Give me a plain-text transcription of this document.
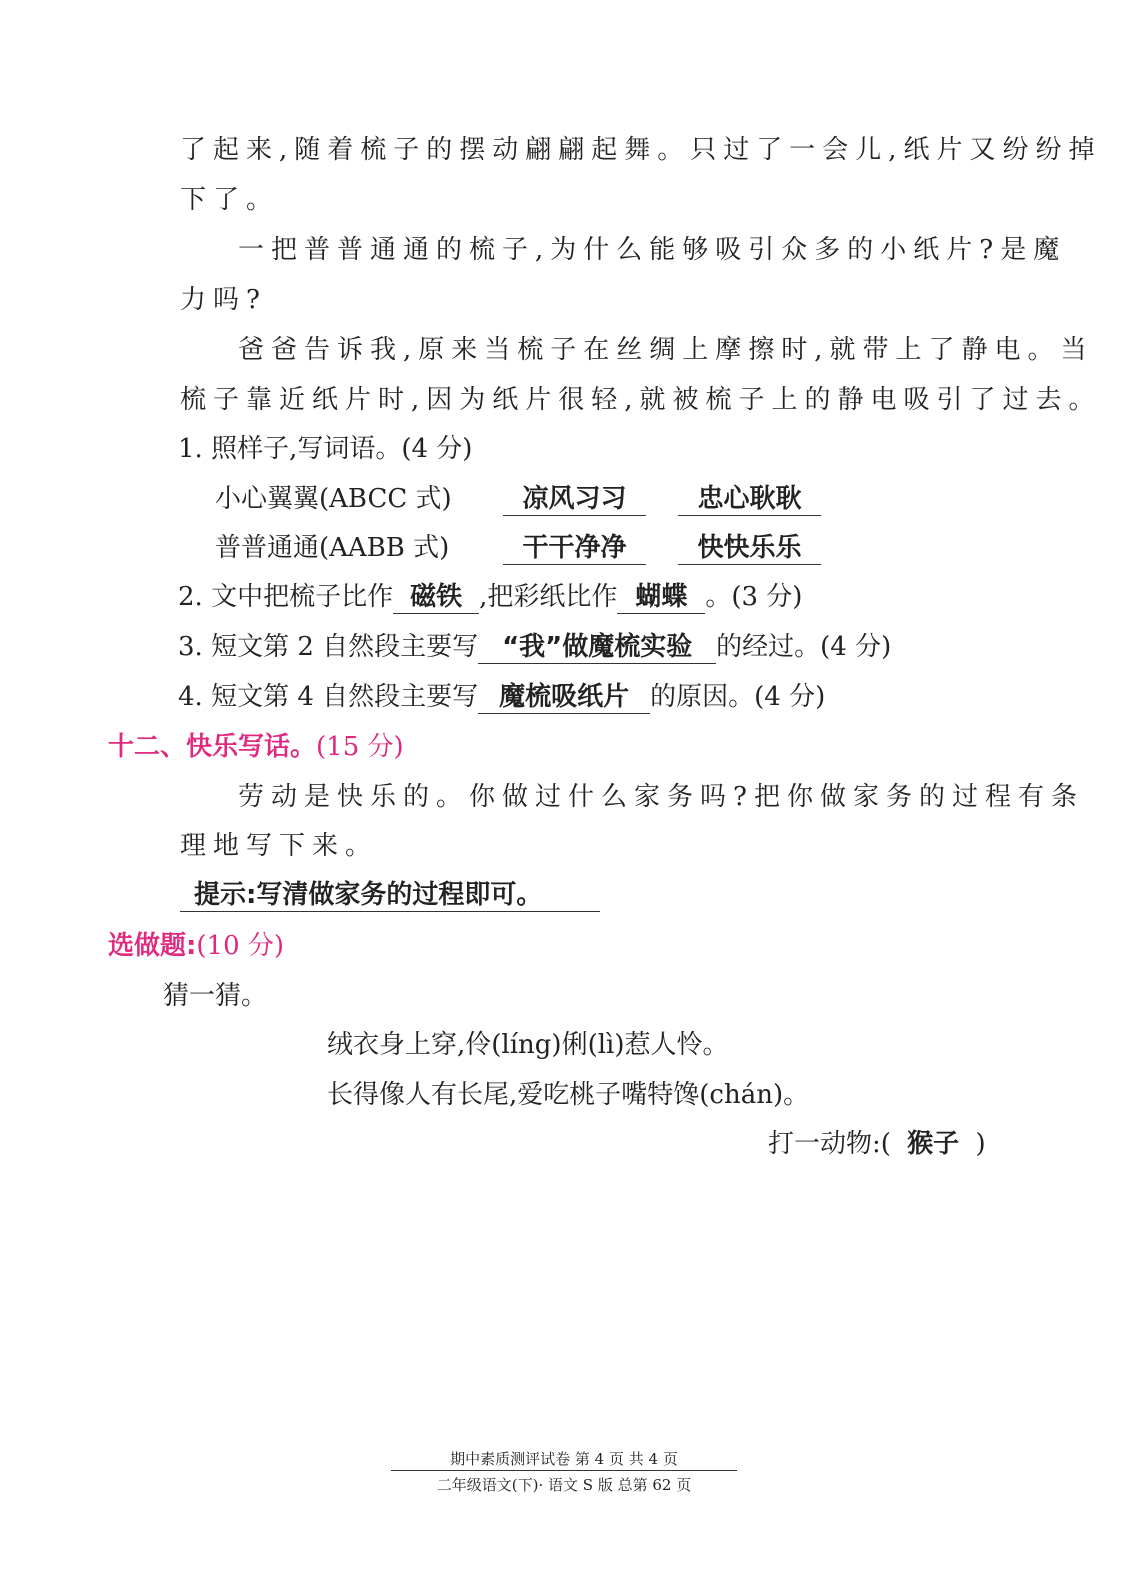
了起来,随着梳子的摆动翩翩起舞。只过了一会儿,纸片又纷纷掉
下了。
一把普普通通的梳子,为什么能够吸引众多的小纸片?是魔
力吗?
爸爸告诉我,原来当梳子在丝绸上摩擦时,就带上了静电。当
梳子靠近纸片时,因为纸片很轻,就被梳子上的静电吸引了过去。
1. 照样子,写词语。(4 分)
小心翼翼(ABCC 式)	凉风习习	忠心耿耿
普普通通(AABB 式)	干干净净	快快乐乐
2. 文中把梳子比作 磁铁 ,把彩纸比作 蝴蝶 。(3 分)
3. 短文第 2 自然段主要写 “我”做魔梳实验 的经过。(4 分)
4. 短文第 4 自然段主要写 魔梳吸纸片 的原因。(4 分)
十二、快乐写话。(15 分)
劳动是快乐的。你做过什么家务吗?把你做家务的过程有条
理地写下来。
提示:写清做家务的过程即可。
选做题:(10 分)
猜一猜。
绒衣身上穿,伶(líng)俐(lì)惹人怜。
长得像人有长尾,爱吃桃子嘴特馋(chán)。
打一动物:( 猴子 )
期中素质测评试卷 第 4 页 共 4 页
二年级语文(下)· 语文 S 版 总第 62 页
